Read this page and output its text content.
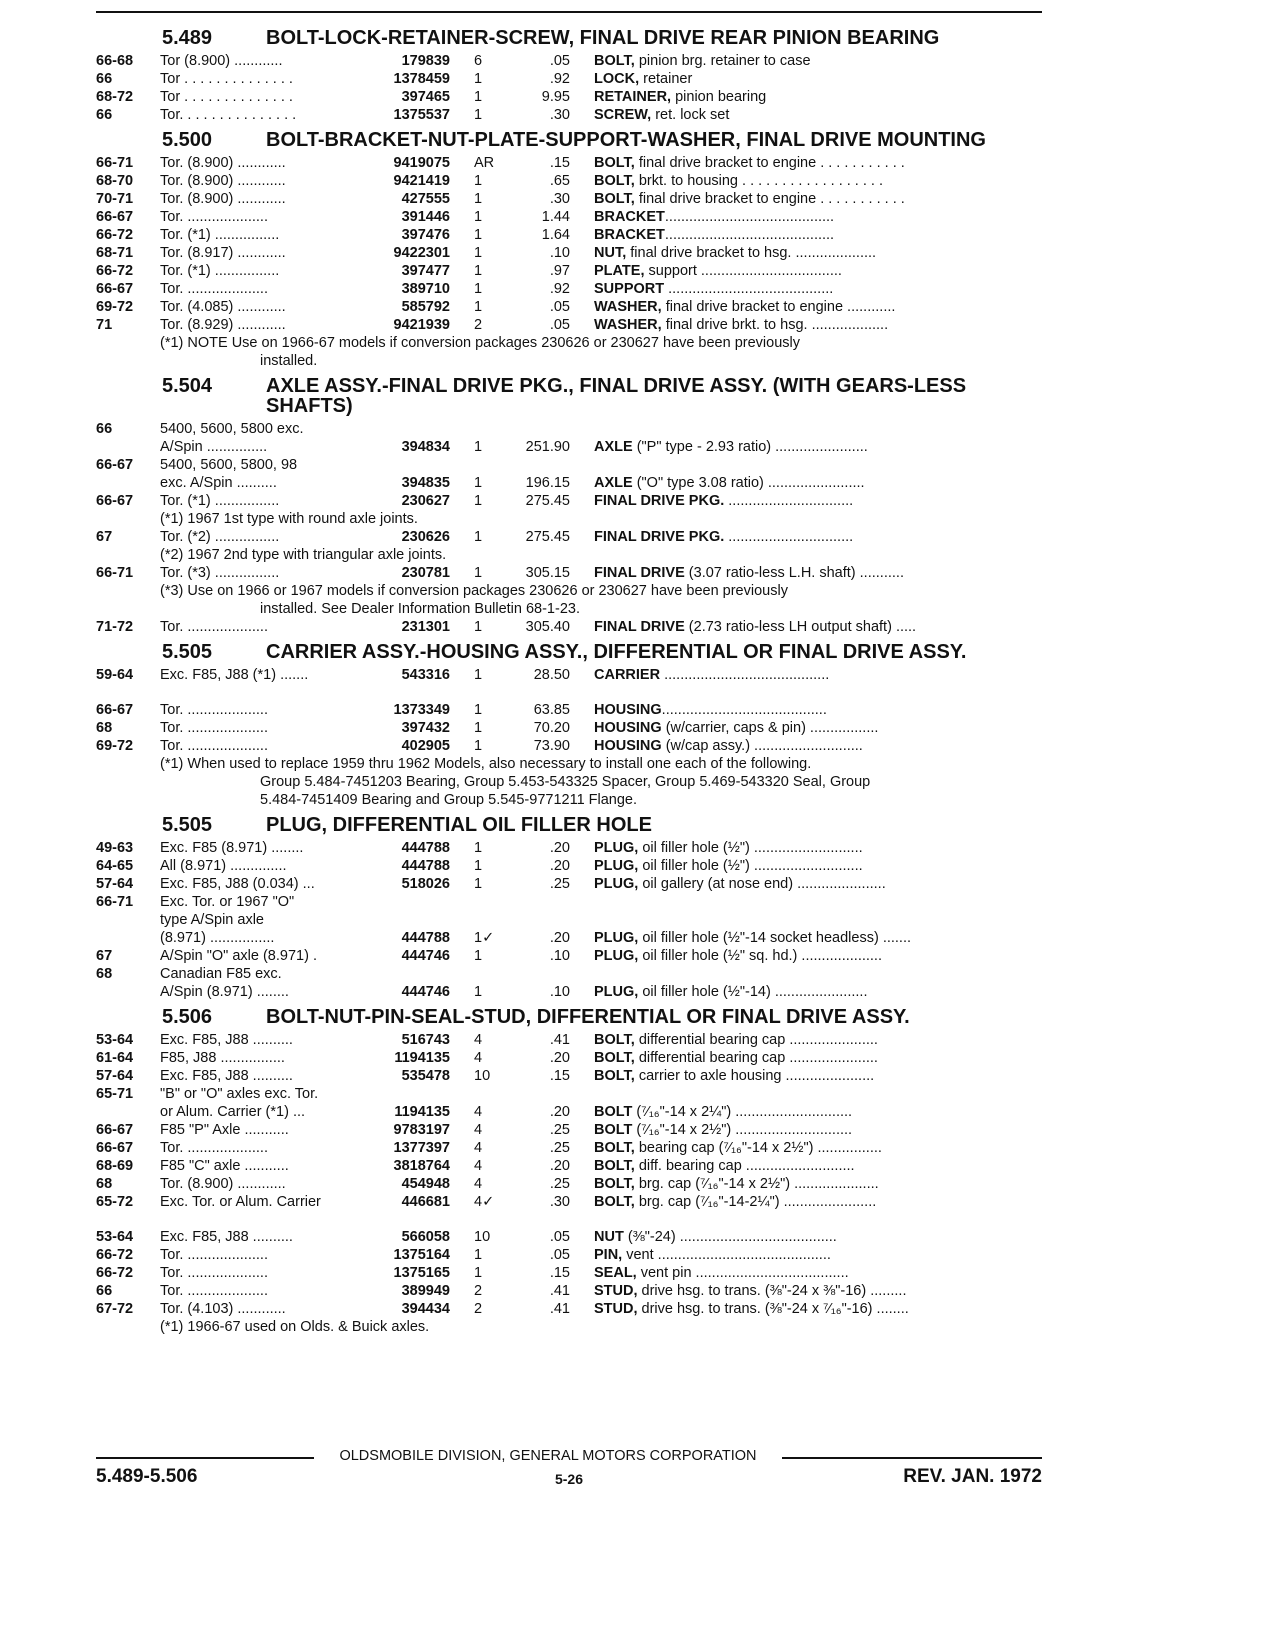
5.489	BOLT-LOCK-RETAINER-SCREW, FINAL DRIVE REAR PINION BEARING
66-68	Tor (8.900) ............	179839	6	.05	BOLT, pinion brg. retainer to case
66	Tor . . . . . . . . . . . . . .	1378459	1	.92	LOCK, retainer
68-72	Tor . . . . . . . . . . . . . .	397465	1	9.95	RETAINER, pinion bearing
66	Tor. . . . . . . . . . . . . . .	1375537	1	.30	SCREW, ret. lock set
5.500	BOLT-BRACKET-NUT-PLATE-SUPPORT-WASHER, FINAL DRIVE MOUNTING
66-71	Tor. (8.900) ............	9419075	AR	.15	BOLT, final drive bracket to engine . . . . . . . . . . .
68-70	Tor. (8.900) ............	9421419	1	.65	BOLT, brkt. to housing . . . . . . . . . . . . . . . . . .
70-71	Tor. (8.900) ............	427555	1	.30	BOLT, final drive bracket to engine . . . . . . . . . . .
66-67	Tor. ....................	391446	1	1.44	BRACKET..........................................
66-72	Tor. (*1) ................	397476	1	1.64	BRACKET..........................................
68-71	Tor. (8.917) ............	9422301	1	.10	NUT, final drive bracket to hsg. ....................
66-72	Tor. (*1) ................	397477	1	.97	PLATE, support ...................................
66-67	Tor. ....................	389710	1	.92	SUPPORT .........................................
69-72	Tor. (4.085) ............	585792	1	.05	WASHER, final drive bracket to engine ............
71	Tor. (8.929) ............	9421939	2	.05	WASHER, final drive brkt. to hsg. ...................
(*1) NOTE Use on 1966-67 models if conversion packages 230626 or 230627 have been previously
installed.
5.504	AXLE ASSY.-FINAL DRIVE PKG., FINAL DRIVE ASSY. (WITH GEARS-LESS SHAFTS)
66	5400, 5600, 5800 exc.
A/Spin ...............	394834	1	251.90	AXLE ("P" type - 2.93 ratio) .......................
66-67	5400, 5600, 5800, 98
exc. A/Spin ..........	394835	1	196.15	AXLE ("O" type 3.08 ratio) ........................
66-67	Tor. (*1) ................	230627	1	275.45	FINAL DRIVE PKG. ...............................
(*1) 1967 1st type with round axle joints.
67	Tor. (*2) ................	230626	1	275.45	FINAL DRIVE PKG. ...............................
(*2) 1967 2nd type with triangular axle joints.
66-71	Tor. (*3) ................	230781	1	305.15	FINAL DRIVE (3.07 ratio-less L.H. shaft) ...........
(*3) Use on 1966 or 1967 models if conversion packages 230626 or 230627 have been previously
installed. See Dealer Information Bulletin 68-1-23.
71-72	Tor. ....................	231301	1	305.40	FINAL DRIVE (2.73 ratio-less LH output shaft) .....
5.505	CARRIER ASSY.-HOUSING ASSY., DIFFERENTIAL OR FINAL DRIVE ASSY.
59-64	Exc. F85, J88 (*1) .......	543316	1	28.50	CARRIER .........................................
66-67	Tor. ....................	1373349	1	63.85	HOUSING.........................................
68	Tor. ....................	397432	1	70.20	HOUSING (w/carrier, caps & pin) .................
69-72	Tor. ....................	402905	1	73.90	HOUSING (w/cap assy.) ...........................
(*1) When used to replace 1959 thru 1962 Models, also necessary to install one each of the following.
Group 5.484-7451203 Bearing, Group 5.453-543325 Spacer, Group 5.469-543320 Seal, Group
5.484-7451409 Bearing and Group 5.545-9771211 Flange.
5.505	PLUG, DIFFERENTIAL OIL FILLER HOLE
49-63	Exc. F85 (8.971) ........	444788	1	.20	PLUG, oil filler hole (½") ...........................
64-65	All (8.971) ..............	444788	1	.20	PLUG, oil filler hole (½") ...........................
57-64	Exc. F85, J88 (0.034) ...	518026	1	.25	PLUG, oil gallery (at nose end) ......................
66-71	Exc. Tor. or 1967 "O"
type A/Spin axle
(8.971) ................	444788	1✓	.20	PLUG, oil filler hole (½"-14 socket headless) .......
67	A/Spin "O" axle (8.971) .	444746	1	.10	PLUG, oil filler hole (½" sq. hd.) ....................
68	Canadian F85 exc.
A/Spin (8.971) ........	444746	1	.10	PLUG, oil filler hole (½"-14) .......................
5.506	BOLT-NUT-PIN-SEAL-STUD, DIFFERENTIAL OR FINAL DRIVE ASSY.
53-64	Exc. F85, J88 ..........	516743	4	.41	BOLT, differential bearing cap ......................
61-64	F85, J88 ................	1194135	4	.20	BOLT, differential bearing cap ......................
57-64	Exc. F85, J88 ..........	535478	10	.15	BOLT, carrier to axle housing ......................
65-71	"B" or "O" axles exc. Tor.
or Alum. Carrier (*1) ...	1194135	4	.20	BOLT (⁷⁄₁₆"-14 x 2¼") .............................
66-67	F85 "P" Axle ...........	9783197	4	.25	BOLT (⁷⁄₁₆"-14 x 2½") .............................
66-67	Tor. ....................	1377397	4	.25	BOLT, bearing cap (⁷⁄₁₆"-14 x 2½") ................
68-69	F85 "C" axle ...........	3818764	4	.20	BOLT, diff. bearing cap ...........................
68	Tor. (8.900) ............	454948	4	.25	BOLT, brg. cap (⁷⁄₁₆"-14 x 2½") .....................
65-72	Exc. Tor. or Alum. Carrier	446681	4✓	.30	BOLT, brg. cap (⁷⁄₁₆"-14-2¼") .......................
53-64	Exc. F85, J88 ..........	566058	10	.05	NUT (⅜"-24) .......................................
66-72	Tor. ....................	1375164	1	.05	PIN, vent ...........................................
66-72	Tor. ....................	1375165	1	.15	SEAL, vent pin ......................................
66	Tor. ....................	389949	2	.41	STUD, drive hsg. to trans. (⅜"-24 x ⅜"-16) .........
67-72	Tor. (4.103) ............	394434	2	.41	STUD, drive hsg. to trans. (⅜"-24 x ⁷⁄₁₆"-16) ........
(*1) 1966-67 used on Olds. & Buick axles.
OLDSMOBILE DIVISION, GENERAL MOTORS CORPORATION
5.489-5.506	5-26	REV. JAN. 1972
